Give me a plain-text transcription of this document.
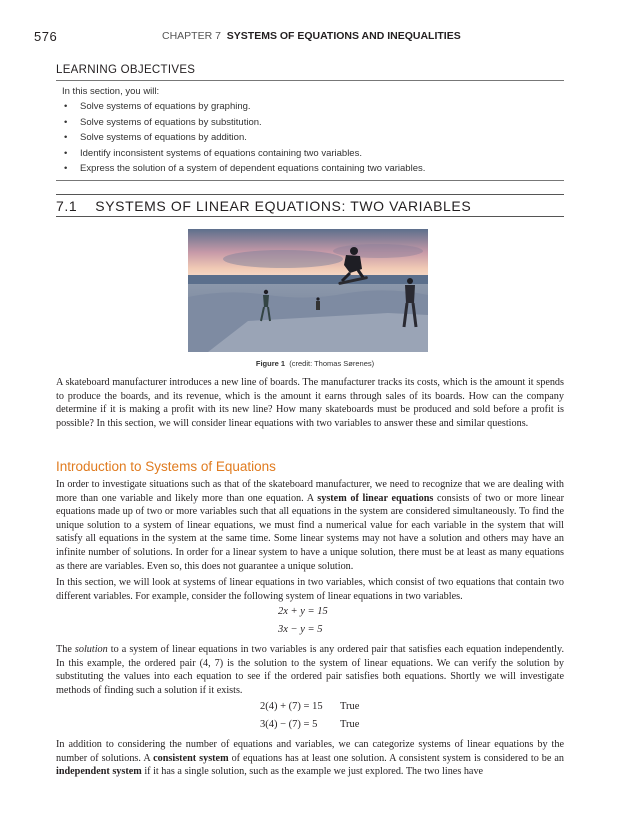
576	CHAPTER 7 SYSTEMS OF EQUATIONS AND INEQUALITIES
LEARNING OBJECTIVES
In this section, you will:
• Solve systems of equations by graphing.
• Solve systems of equations by substitution.
• Solve systems of equations by addition.
• Identify inconsistent systems of equations containing two variables.
• Express the solution of a system of dependent equations containing two variables.
7.1 SYSTEMS OF LINEAR EQUATIONS: TWO VARIABLES
Figure 1 (credit: Thomas Sørenes)
A skateboard manufacturer introduces a new line of boards. The manufacturer tracks its costs, which is the amount it spends to produce the boards, and its revenue, which is the amount it earns through sales of its boards. How can the company determine if it is making a profit with its new line? How many skateboards must be produced and sold before a profit is possible? In this section, we will consider linear equations with two variables to answer these and similar questions.
Introduction to Systems of Equations
In order to investigate situations such as that of the skateboard manufacturer, we need to recognize that we are dealing with more than one variable and likely more than one equation. A system of linear equations consists of two or more linear equations made up of two or more variables such that all equations in the system are considered simultaneously. To find the unique solution to a system of linear equations, we must find a numerical value for each variable in the system that will satisfy all equations in the system at the same time. Some linear systems may not have a solution and others may have an infinite number of solutions. In order for a linear system to have a unique solution, there must be at least as many equations as there are variables. Even so, this does not guarantee a unique solution.
In this section, we will look at systems of linear equations in two variables, which consist of two equations that contain two different variables. For example, consider the following system of linear equations in two variables.
2x + y = 15
3x − y = 5
The solution to a system of linear equations in two variables is any ordered pair that satisfies each equation independently. In this example, the ordered pair (4, 7) is the solution to the system of linear equations. We can verify the solution by substituting the values into each equation to see if the ordered pair satisfies both equations. Shortly we will investigate methods of finding such a solution if it exists.
2(4) + (7) = 15 True
3(4) − (7) = 5 True
In addition to considering the number of equations and variables, we can categorize systems of linear equations by the number of solutions. A consistent system of equations has at least one solution. A consistent system is considered to be an independent system if it has a single solution, such as the example we just explored. The two lines have
